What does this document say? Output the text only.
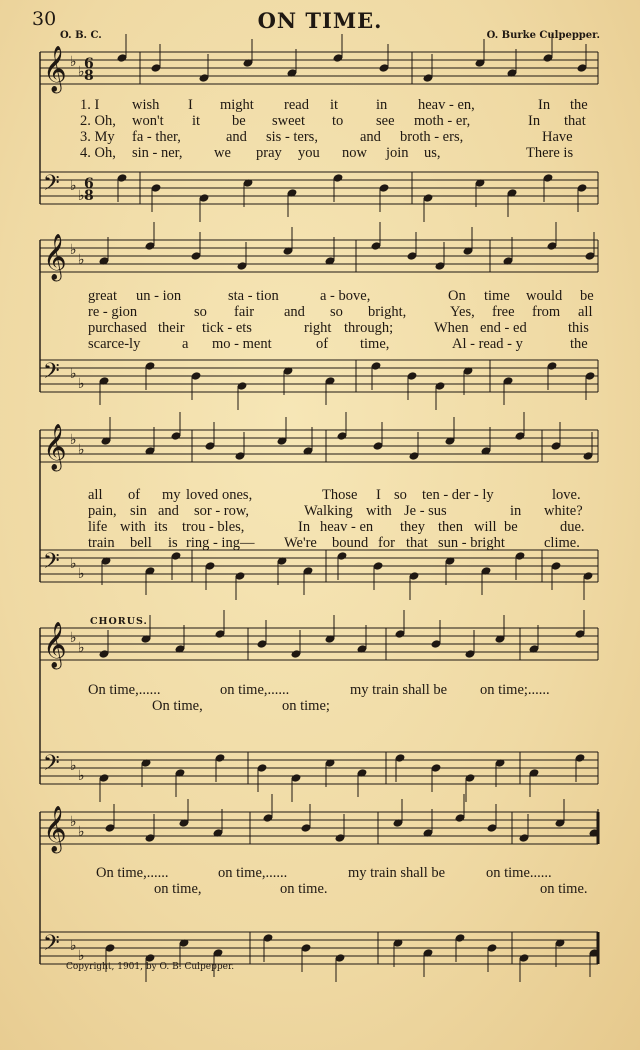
30	ON TIME.
O. B. C.	O. Burke Culpepper.
𝄞 ♭
♭
𝄢 ♭
♭
𝄞 ♭
♭
𝄢 ♭
♭
𝄞 ♭
♭
𝄢 ♭
♭
𝄞 ♭
♭
𝄢 ♭
♭
𝄞 ♭
♭
𝄢 ♭
♭
6
8
6
8
1. I wish I might read it	in heav - en,	In the
2. Oh, won't it be sweet to see moth - er,	In that
3. My fa - ther,	and sis - ters,	and broth - ers,	Have
4. Oh, sin - ner, we pray you now join us,	There is
great un - ion	sta - tion	a - bove,	On time would be
re - gion	so fair and so bright,	Yes, free from all
purchased their tick - ets	right through;	When end - ed	this
scarce-ly	a mo - ment	of time,	Al - read - y	the
all of my loved ones,	Those I so ten - der - ly	love.
pain, sin and sor - row,	Walking with Je - sus	in white?
life with its trou - bles,	In heav - en they then will be	due.
train bell is ring - ing— We're bound for that sun - bright	clime.
CHORUS.
On time,......	on time,......	my train shall be on time;......
On time,	on time;
On time,......	on time,......	my train shall be	on time......
on time,	on time.	on time.
Copyright, 1901, by O. B. Culpepper.
